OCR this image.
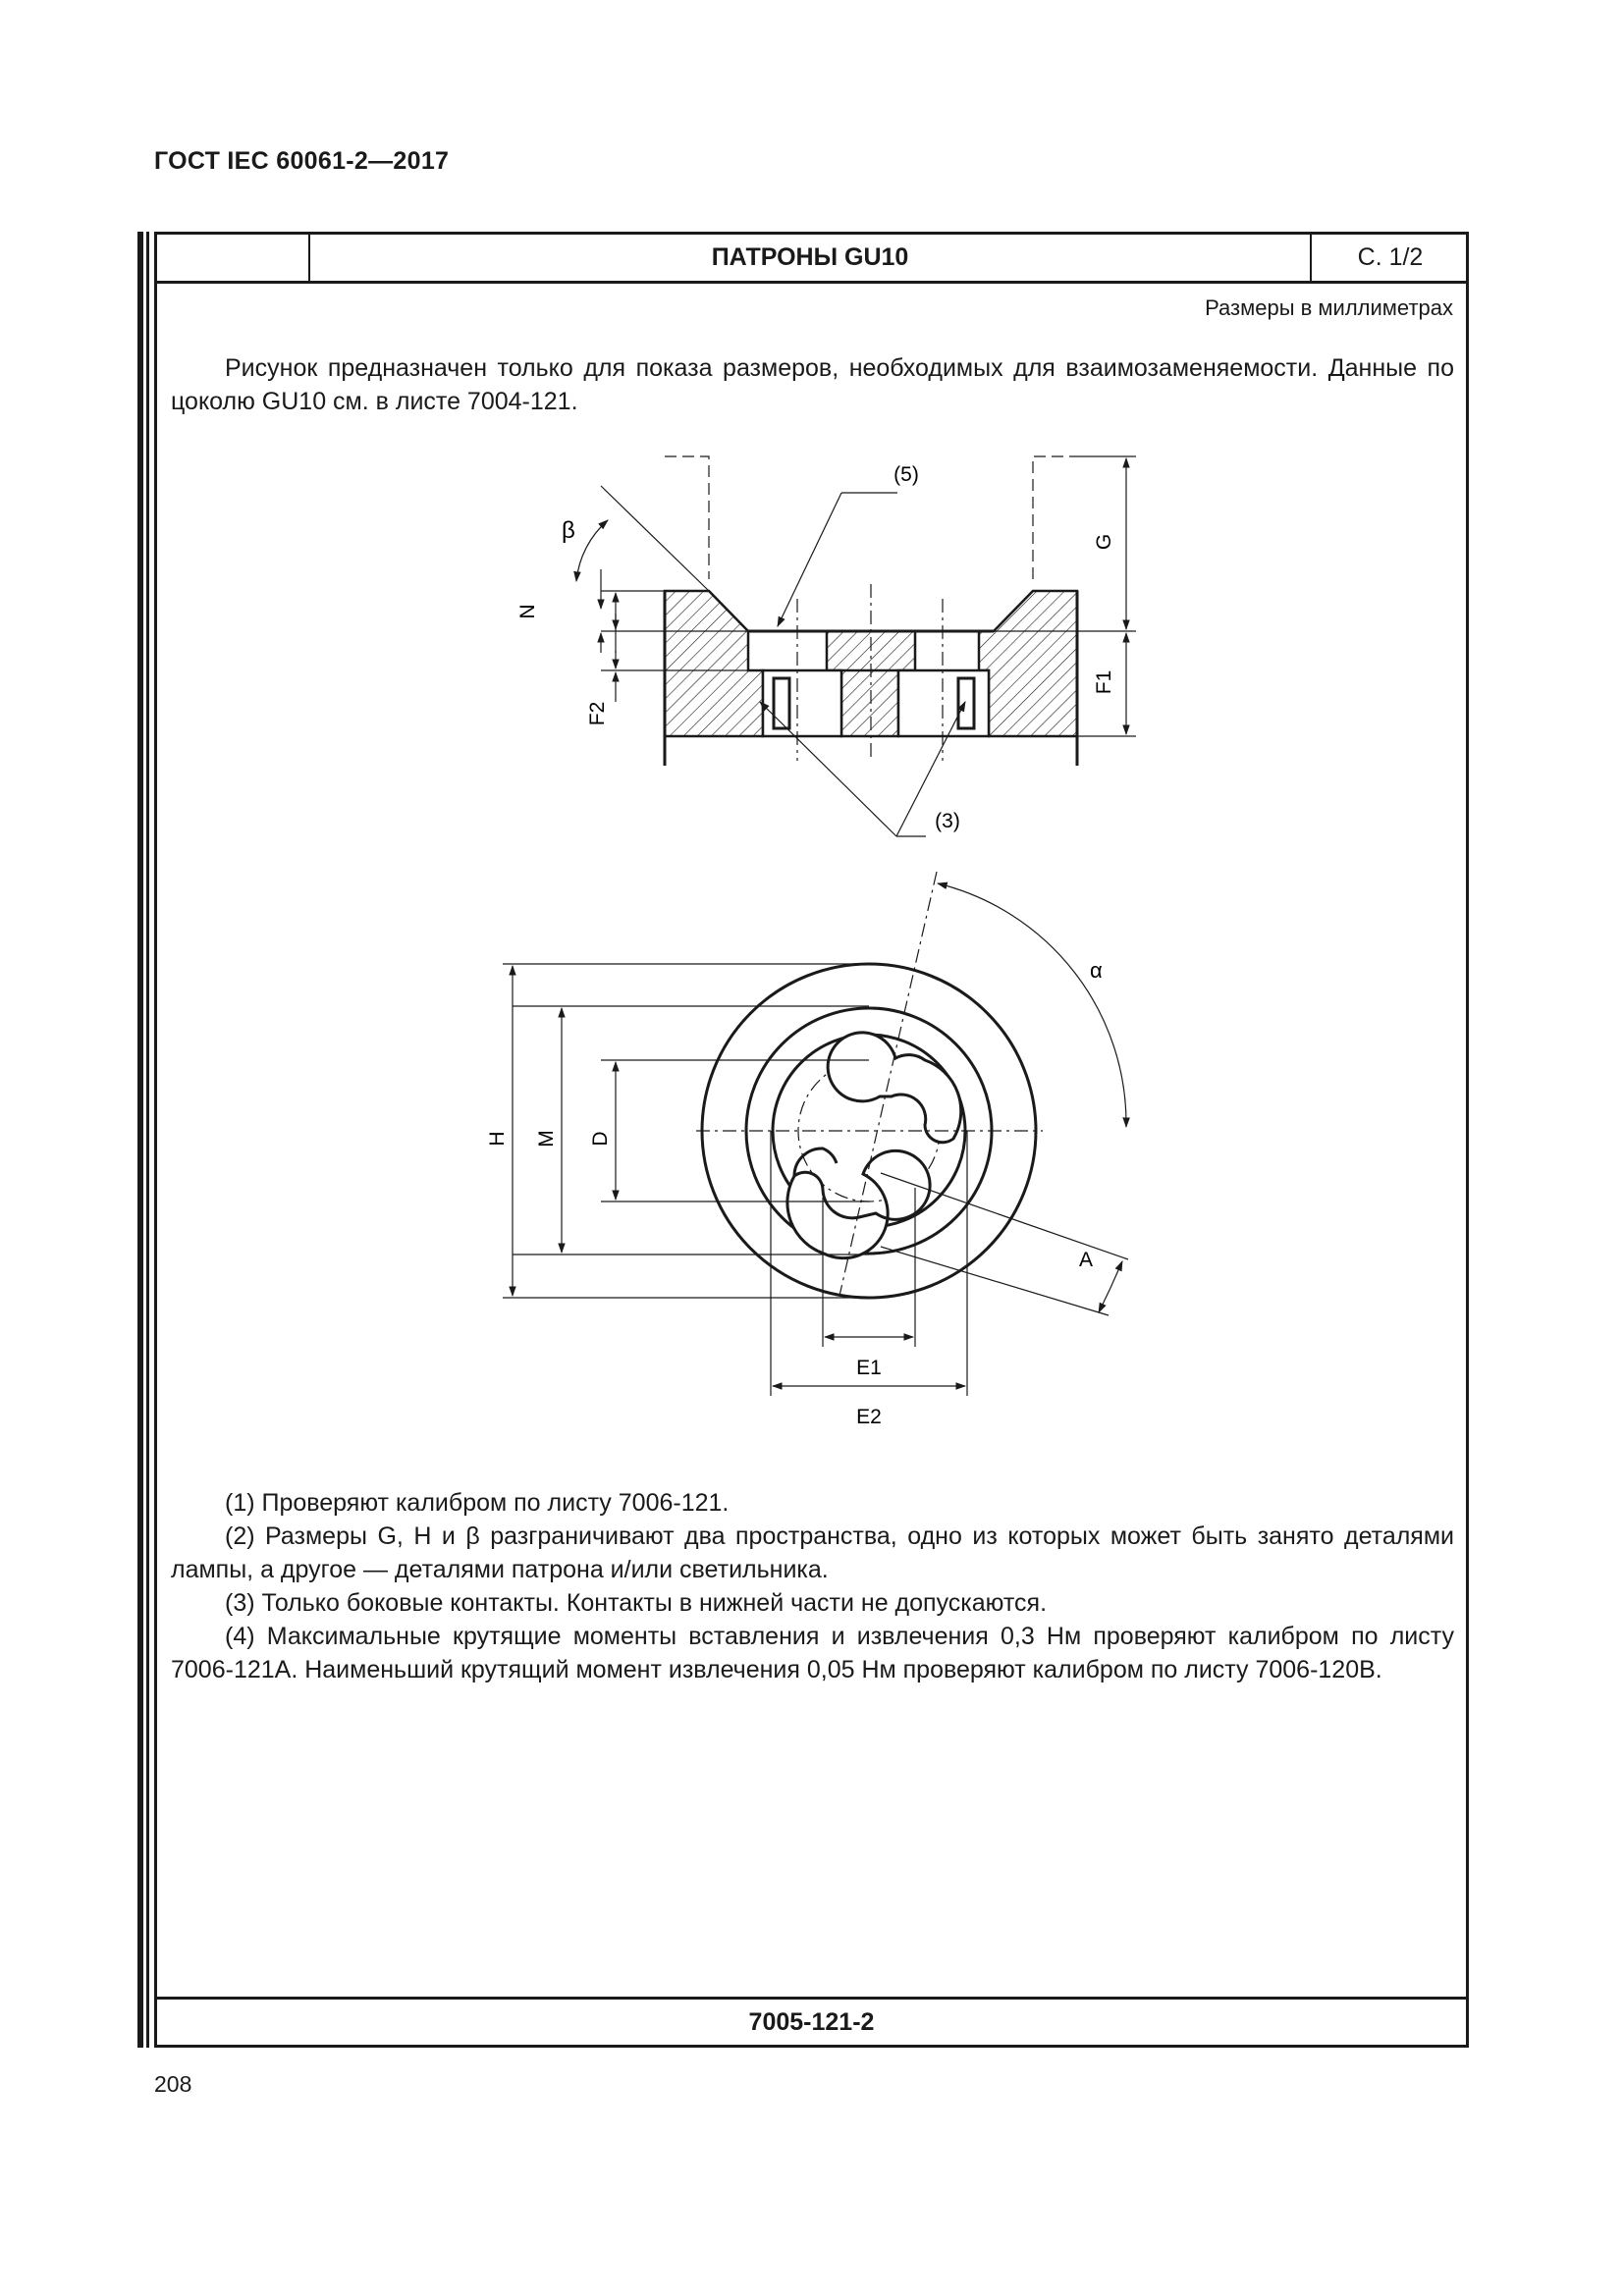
ГОСТ IEC 60061-2—2017
ПАТРОНЫ GU10	С. 1/2
Размеры в миллиметрах

Рисунок предназначен только для показа размеров, необходимых для взаимозаменяемости. Данные по цоколю GU10 см. в листе 7004-121.

N
F2
G
F1
β
(5)
(3)
H M D
A
α
E1
E2

(1) Проверяют калибром по листу 7006-121.

(2) Размеры G, H и β разграничивают два пространства, одно из которых может быть занято деталями лампы, а другое — деталями патрона и/или светильника.

(3) Только боковые контакты. Контакты в нижней части не допускаются.

(4) Максимальные крутящие моменты вставления и извлечения 0,3 Нм проверяют калибром по листу 7006-121A. Наименьший крутящий момент извлечения 0,05 Нм проверяют калибром по листу 7006-120B.

7005-121-2
208
